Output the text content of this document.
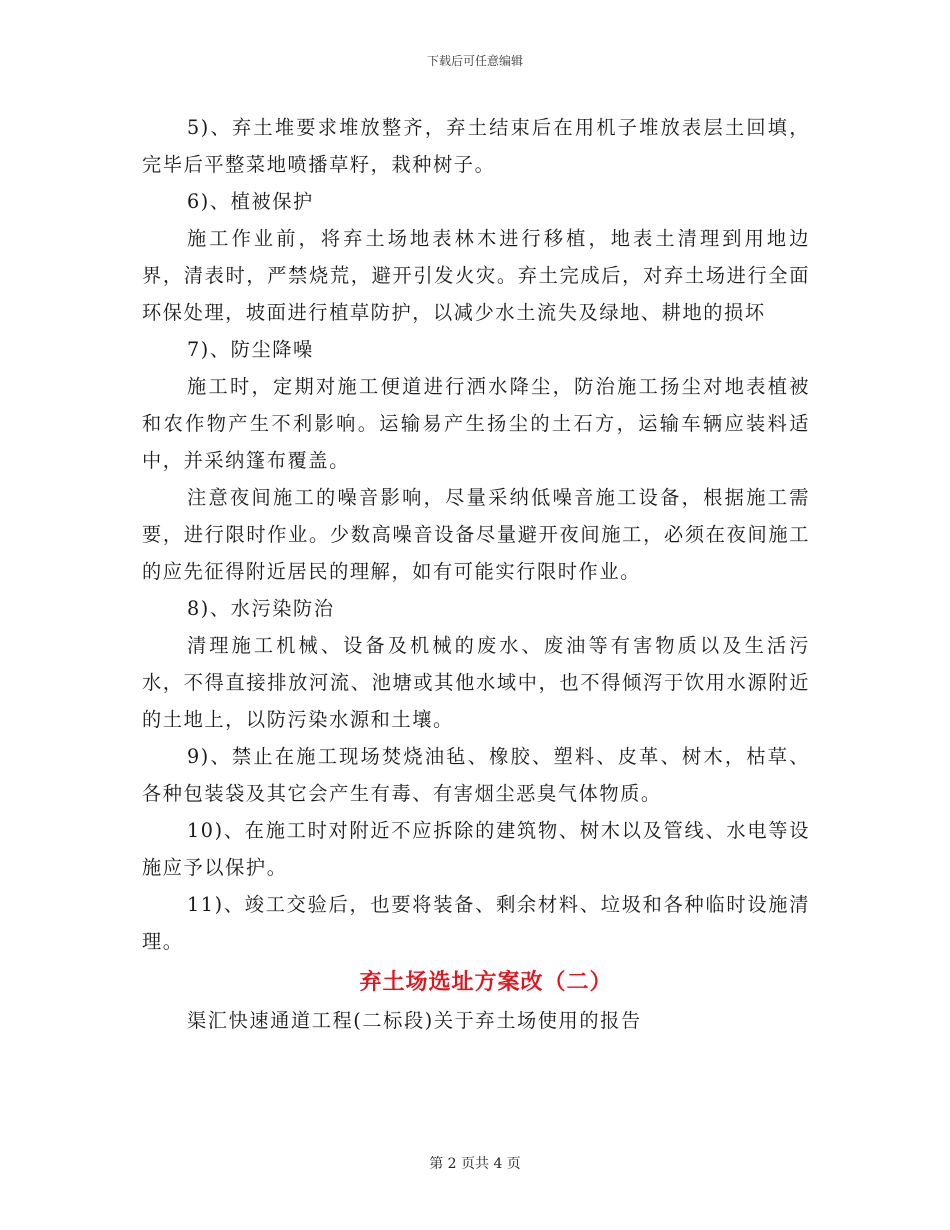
下载后可任意编辑

5)、弃土堆要求堆放整齐，弃土结束后在用机子堆放表层土回填，完毕后平整菜地喷播草籽，栽种树子。

6)、植被保护

施工作业前，将弃土场地表林木进行移植，地表土清理到用地边界，清表时，严禁烧荒，避开引发火灾。弃土完成后，对弃土场进行全面环保处理，坡面进行植草防护，以减少水土流失及绿地、耕地的损坏

7)、防尘降噪

施工时，定期对施工便道进行洒水降尘，防治施工扬尘对地表植被和农作物产生不利影响。运输易产生扬尘的土石方，运输车辆应装料适中，并采纳篷布覆盖。

注意夜间施工的噪音影响，尽量采纳低噪音施工设备，根据施工需要，进行限时作业。少数高噪音设备尽量避开夜间施工，必须在夜间施工的应先征得附近居民的理解，如有可能实行限时作业。

8)、水污染防治

清理施工机械、设备及机械的废水、废油等有害物质以及生活污水，不得直接排放河流、池塘或其他水域中，也不得倾泻于饮用水源附近的土地上，以防污染水源和土壤。

9)、禁止在施工现场焚烧油毡、橡胶、塑料、皮革、树木，枯草、各种包装袋及其它会产生有毒、有害烟尘恶臭气体物质。

10)、在施工时对附近不应拆除的建筑物、树木以及管线、水电等设施应予以保护。

11)、竣工交验后，也要将装备、剩余材料、垃圾和各种临时设施清理。

弃土场选址方案改（二）

渠汇快速通道工程(二标段)关于弃土场使用的报告

第 2 页共 4 页
